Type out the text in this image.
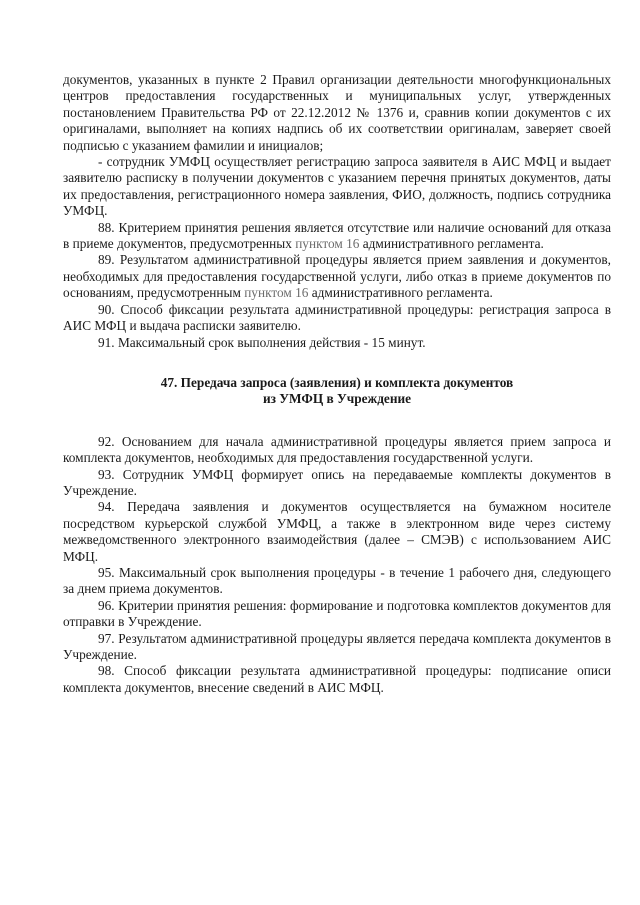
документов, указанных в пункте 2 Правил организации деятельности многофункциональных центров предоставления государственных и муниципальных услуг, утвержденных постановлением Правительства РФ от 22.12.2012 № 1376 и, сравнив копии документов с их оригиналами, выполняет на копиях надпись об их соответствии оригиналам, заверяет своей подписью с указанием фамилии и инициалов;

- сотрудник УМФЦ осуществляет регистрацию запроса заявителя в АИС МФЦ и выдает заявителю расписку в получении документов с указанием перечня принятых документов, даты их предоставления, регистрационного номера заявления, ФИО, должность, подпись сотрудника УМФЦ.

88. Критерием принятия решения является отсутствие или наличие оснований для отказа в приеме документов, предусмотренных пунктом 16 административного регламента.

89. Результатом административной процедуры является прием заявления и документов, необходимых для предоставления государственной услуги, либо отказ в приеме документов по основаниям, предусмотренным пунктом 16 административного регламента.

90. Способ фиксации результата административной процедуры: регистрация запроса в АИС МФЦ и выдача расписки заявителю.

91. Максимальный срок выполнения действия - 15 минут.

47. Передача запроса (заявления) и комплекта документов
из УМФЦ в Учреждение

92. Основанием для начала административной процедуры является прием запроса и комплекта документов, необходимых для предоставления государственной услуги.

93. Сотрудник УМФЦ формирует опись на передаваемые комплекты документов в Учреждение.

94. Передача заявления и документов осуществляется на бумажном носителе посредством курьерской службой УМФЦ, а также в электронном виде через систему межведомственного электронного взаимодействия (далее – СМЭВ) с использованием АИС МФЦ.

95. Максимальный срок выполнения процедуры - в течение 1 рабочего дня, следующего за днем приема документов.

96. Критерии принятия решения: формирование и подготовка комплектов документов для отправки в Учреждение.

97. Результатом административной процедуры является передача комплекта документов в Учреждение.

98. Способ фиксации результата административной процедуры: подписание описи комплекта документов, внесение сведений в АИС МФЦ.
